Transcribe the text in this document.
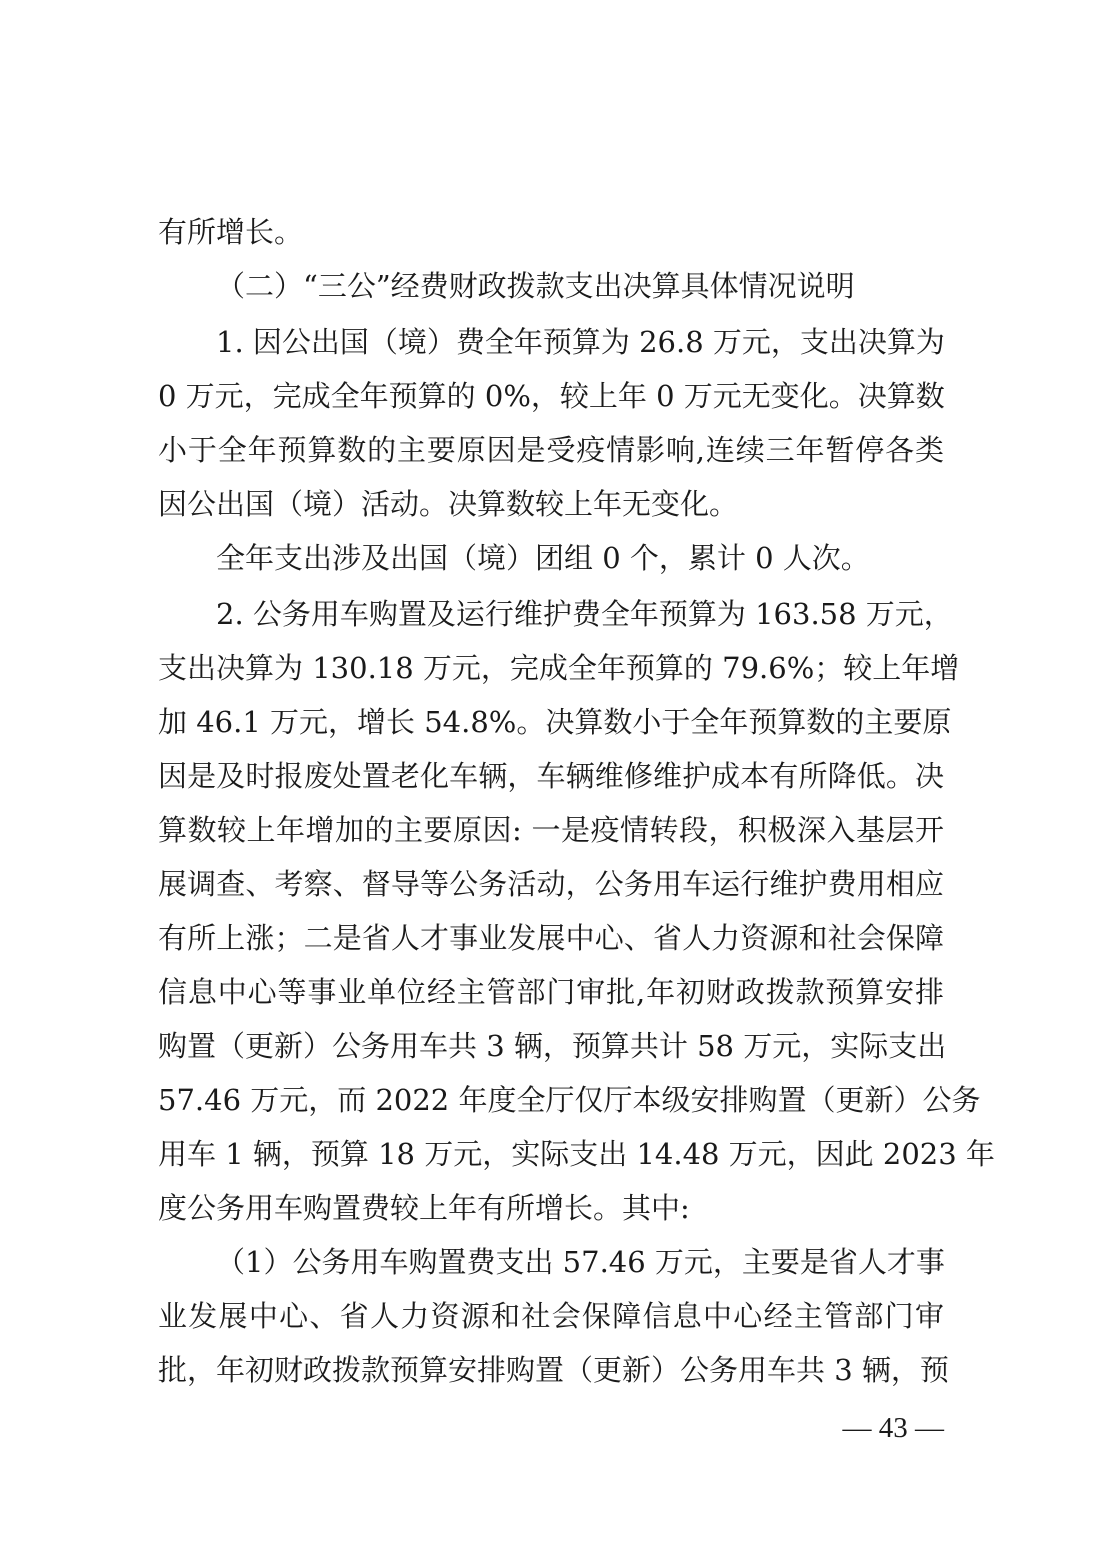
有所增长。
（二）“三公”经费财政拨款支出决算具体情况说明
1. 因公出国（境）费全年预算为 26.8 万元，支出决算为
0 万元，完成全年预算的 0%，较上年 0 万元无变化。决算数
小于全年预算数的主要原因是受疫情影响,连续三年暂停各类
因公出国（境）活动。决算数较上年无变化。
全年支出涉及出国（境）团组 0 个，累计 0 人次。
2. 公务用车购置及运行维护费全年预算为 163.58 万元，
支出决算为 130.18 万元，完成全年预算的 79.6%；较上年增
加 46.1 万元，增长 54.8%。决算数小于全年预算数的主要原
因是及时报废处置老化车辆，车辆维修维护成本有所降低。决
算数较上年增加的主要原因: 一是疫情转段，积极深入基层开
展调查、考察、督导等公务活动，公务用车运行维护费用相应
有所上涨；二是省人才事业发展中心、省人力资源和社会保障
信息中心等事业单位经主管部门审批,年初财政拨款预算安排
购置（更新）公务用车共 3 辆，预算共计 58 万元，实际支出
57.46 万元，而 2022 年度全厅仅厅本级安排购置（更新）公务
用车 1 辆，预算 18 万元，实际支出 14.48 万元，因此 2023 年
度公务用车购置费较上年有所增长。其中:
（1）公务用车购置费支出 57.46 万元，主要是省人才事
业发展中心、省人力资源和社会保障信息中心经主管部门审
批，年初财政拨款预算安排购置（更新）公务用车共 3 辆，预
— 43 —
